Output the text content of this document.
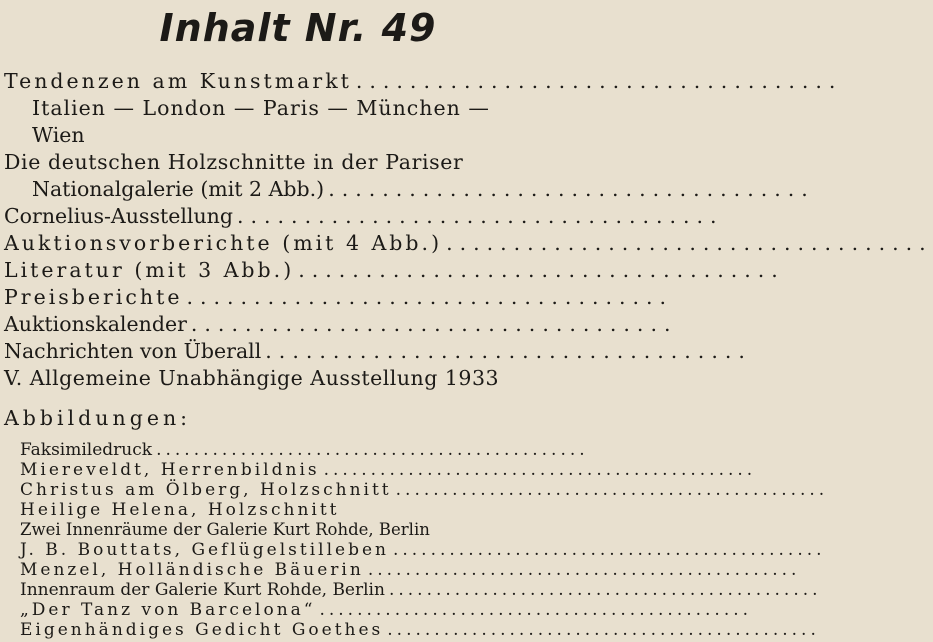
Inhalt Nr. 49
Tendenzen am Kunstmarkt ....................................
Italien — London — Paris — München —
Wien
Die deutschen Holzschnitte in der Pariser
Nationalgalerie (mit 2 Abb.) ....................................
Cornelius-Ausstellung ....................................
Auktionsvorberichte (mit 4 Abb.) ....................................
Literatur (mit 3 Abb.) ....................................
Preisberichte ....................................
Auktionskalender ....................................
Nachrichten von Überall ....................................
V. Allgemeine Unabhängige Ausstellung 1933
Abbildungen:
Faksimiledruck ..............................................
Miereveldt, Herrenbildnis ..............................................
Christus am Ölberg, Holzschnitt ..............................................
Heilige Helena, Holzschnitt
Zwei Innenräume der Galerie Kurt Rohde, Berlin
J. B. Bouttats, Geflügelstilleben ..............................................
Menzel, Holländische Bäuerin ..............................................
Innenraum der Galerie Kurt Rohde, Berlin ..............................................
„Der Tanz von Barcelona“ ..............................................
Eigenhändiges Gedicht Goethes ..............................................
